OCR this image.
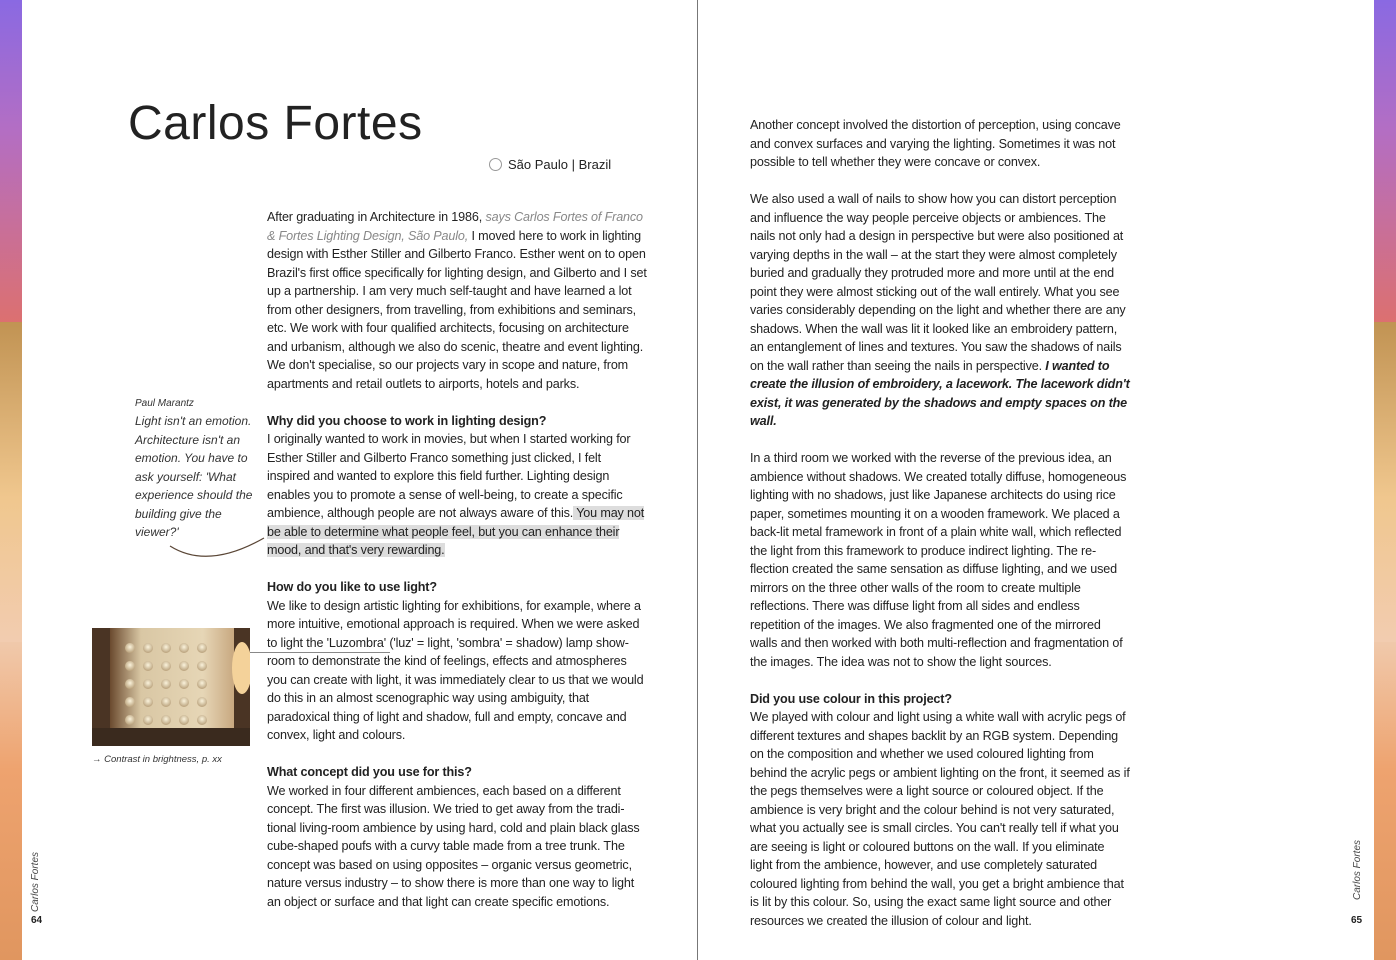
Carlos Fortes
São Paulo | Brazil

After graduating in Architecture in 1986, says Carlos Fortes of Franco & Fortes Lighting Design, São Paulo, I moved here to work in lighting design with Esther Stiller and Gilberto Franco. Esther went on to open Brazil's first office specifically for lighting design, and Gilberto and I set up a partnership. I am very much self-taught and have learned a lot from other designers, from travelling, from exhibitions and seminars, etc. We work with four qualified architects, focusing on architecture and urbanism, although we also do scenic, theatre and event lighting. We don't specialise, so our projects vary in scope and nature, from apartments and retail outlets to airports, hotels and parks.

Why did you choose to work in lighting design?
I originally wanted to work in movies, but when I started working for Esther Stiller and Gilberto Franco something just clicked, I felt inspired and wanted to explore this field further. Lighting design enables you to promote a sense of well-being, to create a specific ambience, although people are not always aware of this. You may not be able to determine what people feel, but you can enhance their mood, and that's very rewarding.

How do you like to use light?
We like to design artistic lighting for exhibitions, for example, where a more intuitive, emotional approach is required. When we were asked to light the 'Luzombra' ('luz' = light, 'sombra' = shadow) lamp show-room to demonstrate the kind of feelings, effects and atmospheres you can create with light, it was immediately clear to us that we would do this in an almost scenographic way using ambiguity, that paradoxical thing of light and shadow, full and empty, concave and convex, light and colours.

What concept did you use for this?
We worked in four different ambiences, each based on a different concept. The first was illusion. We tried to get away from the tradi-tional living-room ambience by using hard, cold and plain black glass cube-shaped poufs with a curvy table made from a tree trunk. The concept was based on using opposites – organic versus geometric, nature versus industry – to show there is more than one way to light an object or surface and that light can create specific emotions.

Paul Marantz
Light isn't an emotion. Architecture isn't an emotion. You have to ask yourself: 'What experience should the building give the viewer?'
→ Contrast in brightness, p. xx
Carlos Fortes
64

Another concept involved the distortion of perception, using concave and convex surfaces and varying the lighting. Sometimes it was not possible to tell whether they were concave or convex.

We also used a wall of nails to show how you can distort perception and influence the way people perceive objects or ambiences. The nails not only had a design in perspective but were also positioned at varying depths in the wall – at the start they were almost completely buried and gradually they protruded more and more until at the end point they were almost sticking out of the wall entirely. What you see varies considerably depending on the light and whether there are any shadows. When the wall was lit it looked like an embroidery pattern, an entanglement of lines and textures. You saw the shadows of nails on the wall rather than seeing the nails in perspective. I wanted to create the illusion of embroidery, a lacework. The lacework didn't exist, it was generated by the shadows and empty spaces on the wall.

In a third room we worked with the reverse of the previous idea, an ambience without shadows. We created totally diffuse, homogeneous lighting with no shadows, just like Japanese architects do using rice paper, sometimes mounting it on a wooden framework. We placed a back-lit metal framework in front of a plain white wall, which reflected the light from this framework to produce indirect lighting. The re-flection created the same sensation as diffuse lighting, and we used mirrors on the three other walls of the room to create multiple reflections. There was diffuse light from all sides and endless repetition of the images. We also fragmented one of the mirrored walls and then worked with both multi-reflection and fragmentation of the images. The idea was not to show the light sources.

Did you use colour in this project?
We played with colour and light using a white wall with acrylic pegs of different textures and shapes backlit by an RGB system. Depending on the composition and whether we used coloured lighting from behind the acrylic pegs or ambient lighting on the front, it seemed as if the pegs themselves were a light source or coloured object. If the ambience is very bright and the colour behind is not very saturated, what you actually see is small circles. You can't really tell if what you are seeing is light or coloured buttons on the wall. If you eliminate light from the ambience, however, and use completely saturated coloured lighting from behind the wall, you get a bright ambience that is lit by this colour. So, using the exact same light source and other resources we created the illusion of colour and light.

Carlos Fortes
65
